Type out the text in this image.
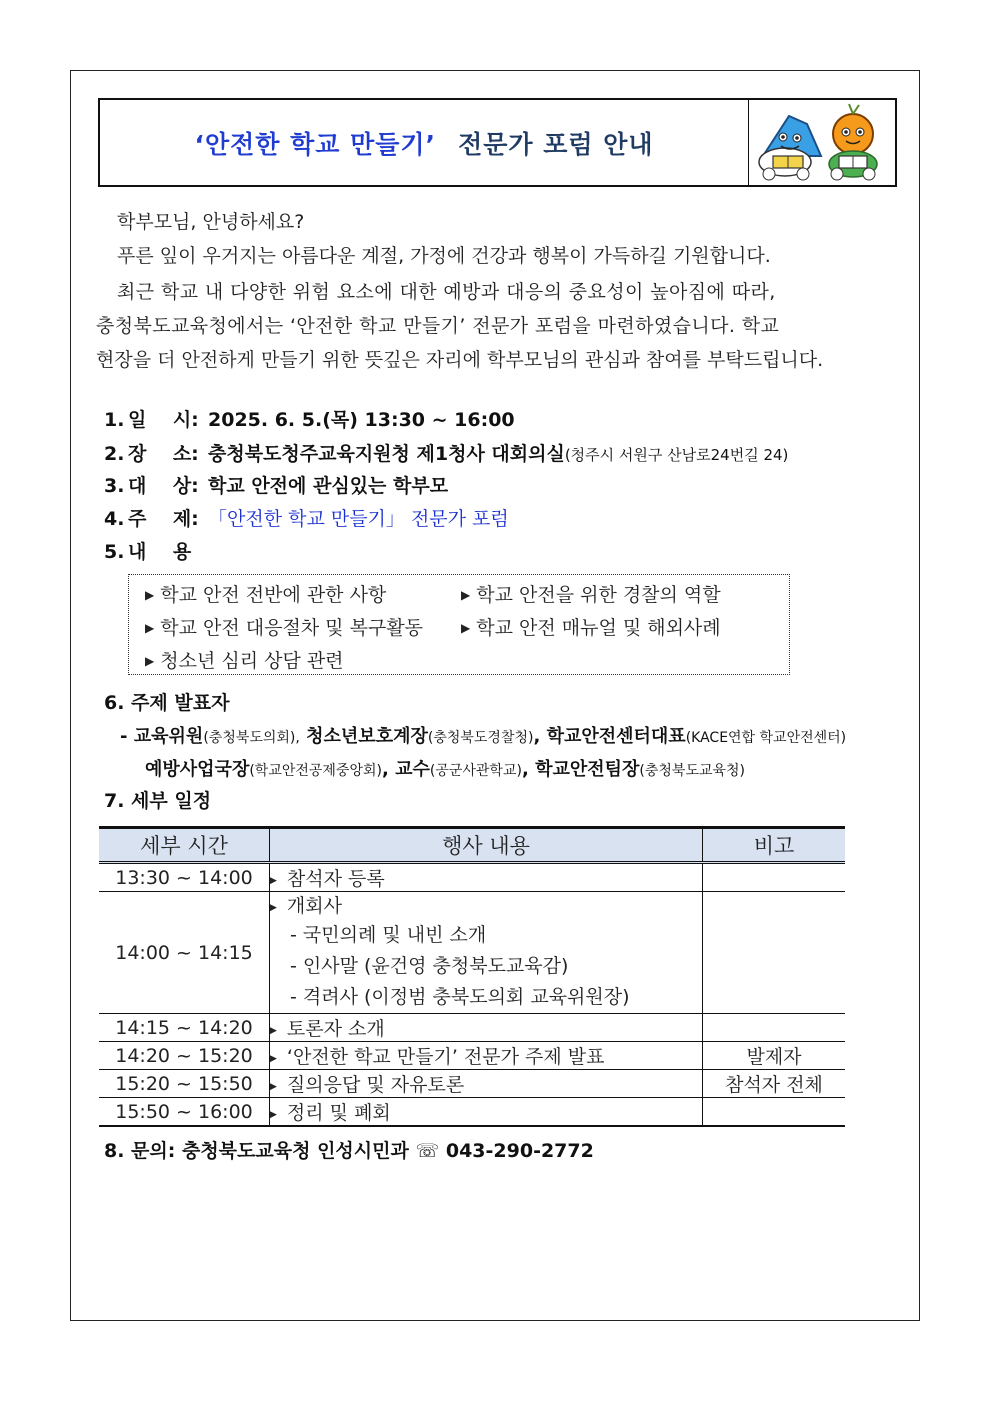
‘안전한 학교 만들기’ 전문가 포럼 안내
학부모님, 안녕하세요?
푸른 잎이 우거지는 아름다운 계절, 가정에 건강과 행복이 가득하길 기원합니다.
최근 학교 내 다양한 위험 요소에 대한 예방과 대응의 중요성이 높아짐에 따라,
충청북도교육청에서는 ‘안전한 학교 만들기’ 전문가 포럼을 마련하였습니다. 학교
현장을 더 안전하게 만들기 위한 뜻깊은 자리에 학부모님의 관심과 참여를 부탁드립니다.
1. 일    시: 2025. 6. 5.(목) 13:30 ~ 16:00
2. 장    소: 충청북도청주교육지원청 제1청사 대회의실(청주시 서원구 산남로24번길 24)
3. 대    상: 학교 안전에 관심있는 학부모
4. 주    제: 「안전한 학교 만들기」 전문가 포럼
5. 내    용
▶ 학교 안전 전반에 관한 사항	▶ 학교 안전을 위한 경찰의 역할
▶ 학교 안전 대응절차 및 복구활동	▶ 학교 안전 매뉴얼 및 해외사례
▶ 청소년 심리 상담 관련
6. 주제 발표자
- 교육위원(충청북도의회), 청소년보호계장(충청북도경찰청), 학교안전센터대표(KACE연합 학교안전센터)
예방사업국장(학교안전공제중앙회), 교수(공군사관학교), 학교안전팀장(충청북도교육청)
7. 세부 일정
세부 시간	행사 내용	비고
13:30 ~ 14:00	▶ 참석자 등록	
14:00 ~ 14:15	▶ 개회사
- 국민의례 및 내빈 소개
- 인사말 (윤건영 충청북도교육감)
- 격려사 (이정범 충북도의회 교육위원장)	

14:15 ~ 14:20	▶ 토론자 소개	
14:20 ~ 15:20	▶ ‘안전한 학교 만들기’ 전문가 주제 발표	발제자
15:20 ~ 15:50	▶ 질의응답 및 자유토론	참석자 전체
15:50 ~ 16:00	▶ 정리 및 폐회	
8. 문의: 충청북도교육청 인성시민과 ☏ 043-290-2772
